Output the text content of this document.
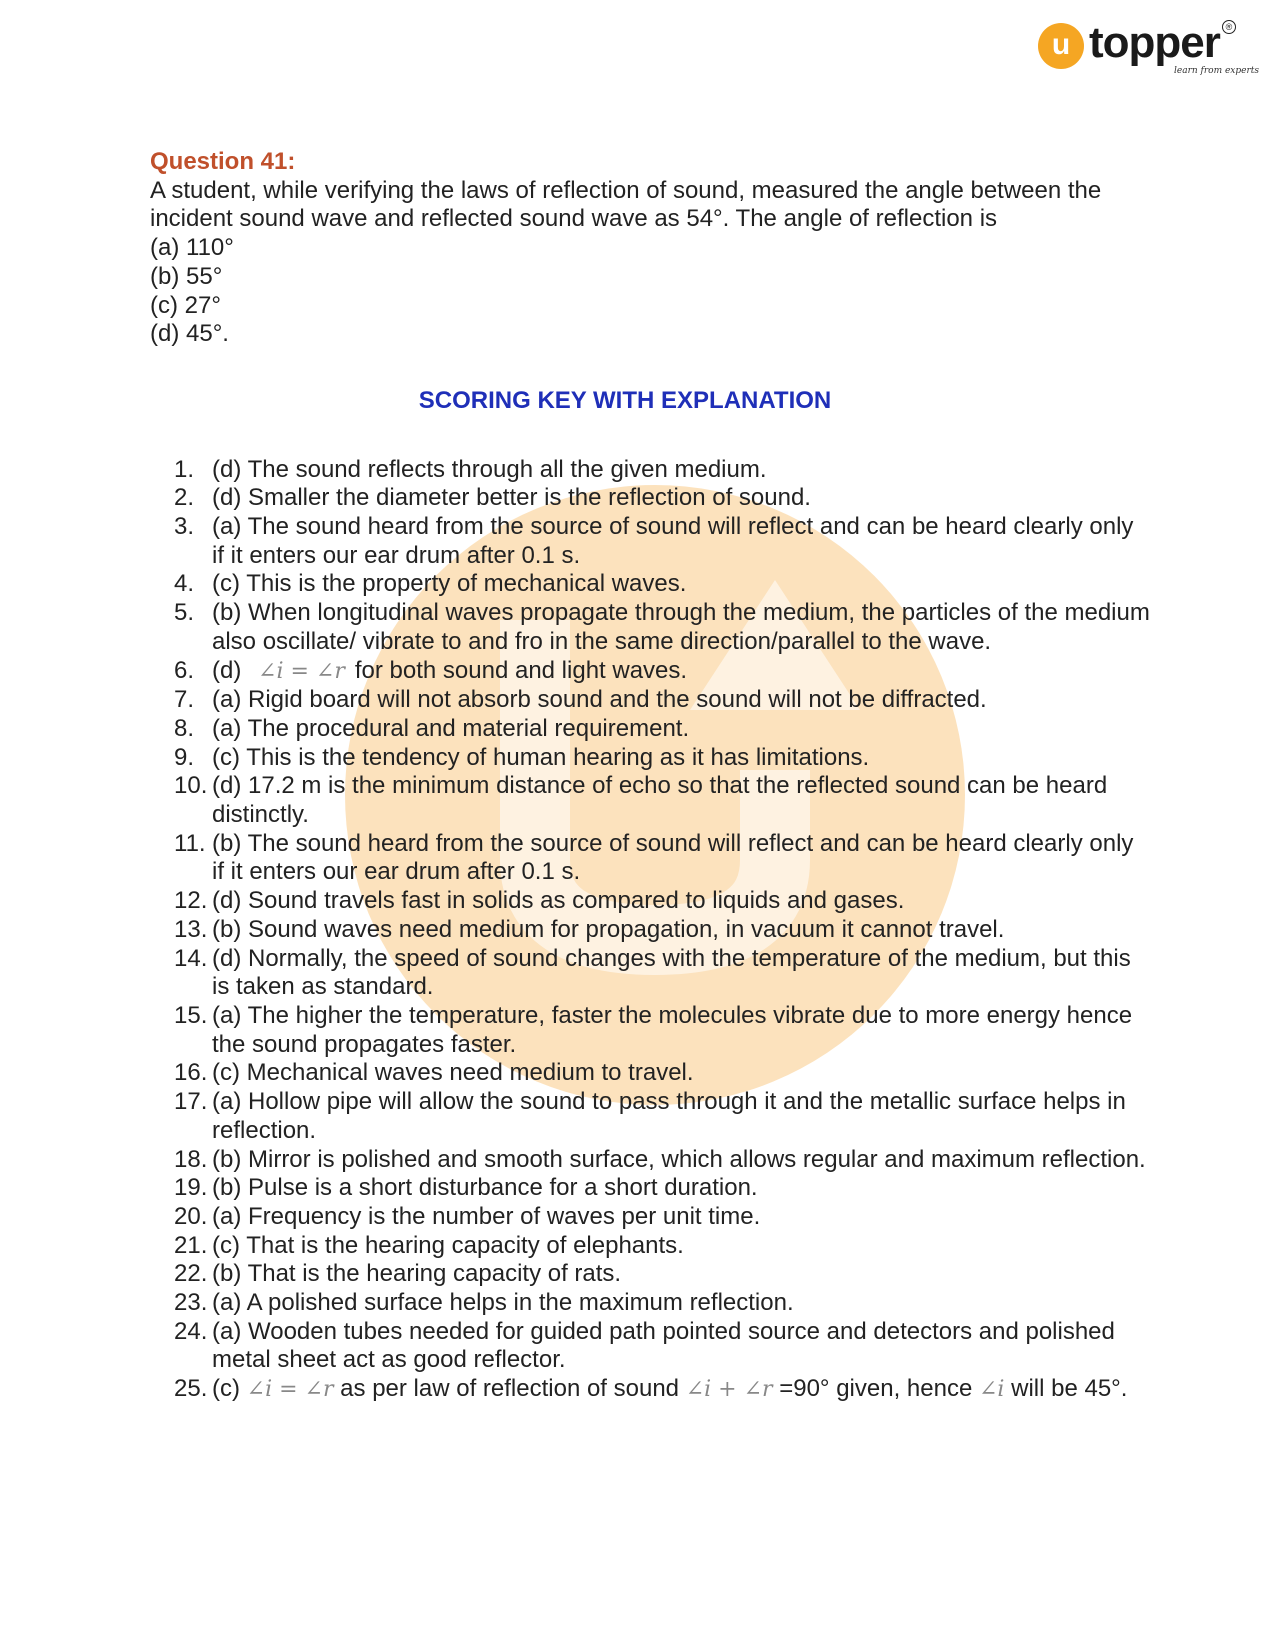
u topper ®
learn from experts
Question 41:

A student, while verifying the laws of reflection of sound, measured the angle between the incident sound wave and reflected sound wave as 54°. The angle of reflection is

(a) 110°

(b) 55°

(c) 27°

(d) 45°.

SCORING KEY WITH EXPLANATION
1. (d) The sound reflects through all the given medium.
2. (d) Smaller the diameter better is the reflection of sound.
3. (a) The sound heard from the source of sound will reflect and can be heard clearly only if it enters our ear drum after 0.1 s.
4. (c) This is the property of mechanical waves.
5. (b) When longitudinal waves propagate through the medium, the particles of the medium also oscillate/ vibrate to and fro in the same direction/parallel to the wave.
6. (d) ∠i = ∠r for both sound and light waves.
7. (a) Rigid board will not absorb sound and the sound will not be diffracted.
8. (a) The procedural and material requirement.
9. (c) This is the tendency of human hearing as it has limitations.
10. (d) 17.2 m is the minimum distance of echo so that the reflected sound can be heard distinctly.
11. (b) The sound heard from the source of sound will reflect and can be heard clearly only if it enters our ear drum after 0.1 s.
12. (d) Sound travels fast in solids as compared to liquids and gases.
13. (b) Sound waves need medium for propagation, in vacuum it cannot travel.
14. (d) Normally, the speed of sound changes with the temperature of the medium, but this is taken as standard.
15. (a) The higher the temperature, faster the molecules vibrate due to more energy hence the sound propagates faster.
16. (c) Mechanical waves need medium to travel.
17. (a) Hollow pipe will allow the sound to pass through it and the metallic surface helps in reflection.
18. (b) Mirror is polished and smooth surface, which allows regular and maximum reflection.
19. (b) Pulse is a short disturbance for a short duration.
20. (a) Frequency is the number of waves per unit time.
21. (c) That is the hearing capacity of elephants.
22. (b) That is the hearing capacity of rats.
23. (a) A polished surface helps in the maximum reflection.
24. (a) Wooden tubes needed for guided path pointed source and detectors and polished metal sheet act as good reflector.
25. (c) ∠i = ∠r as per law of reflection of sound ∠i + ∠r =90° given, hence ∠i will be 45°.
